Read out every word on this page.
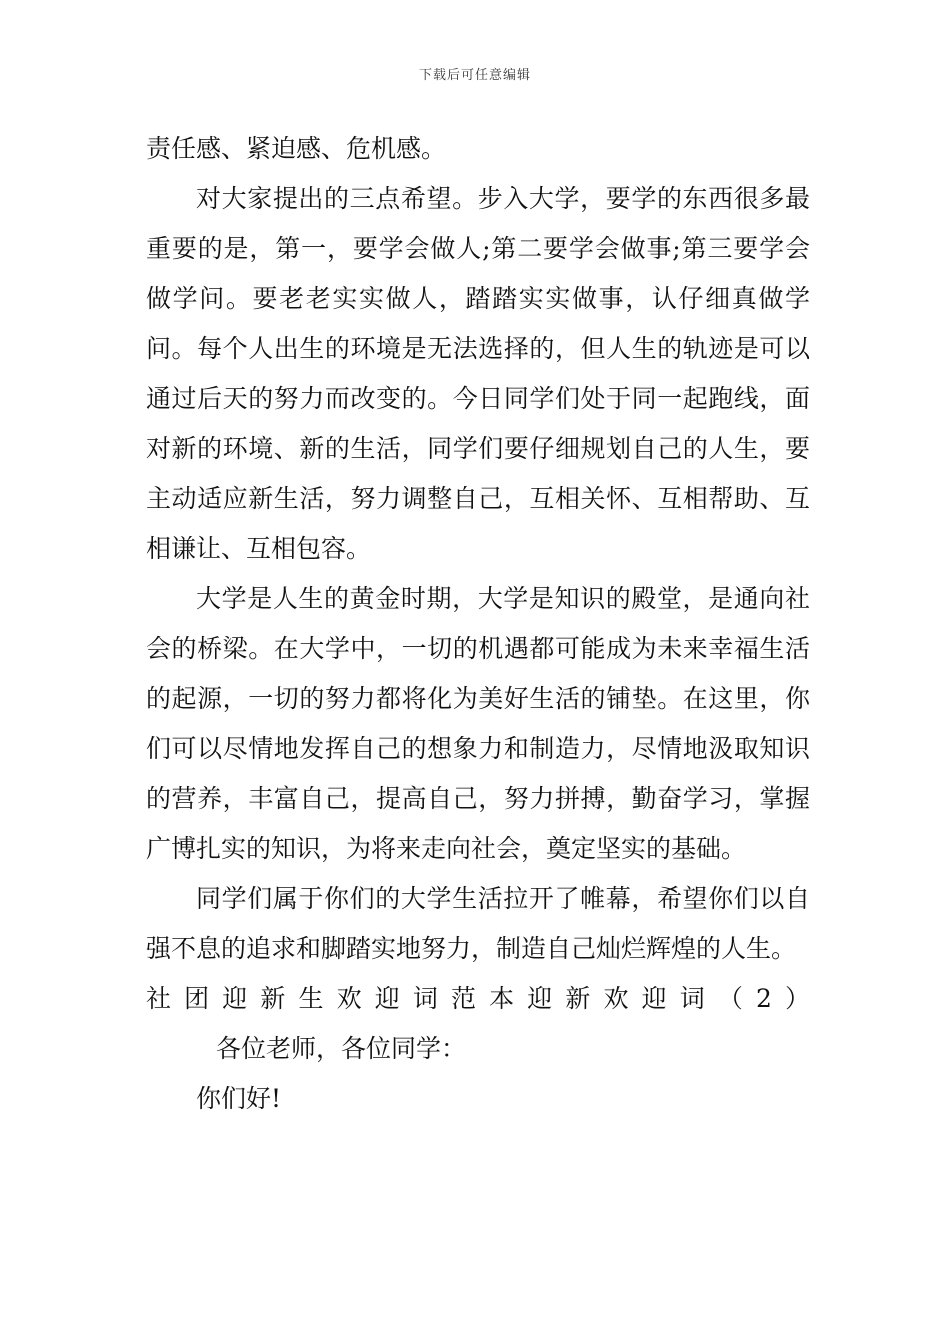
下载后可任意编辑

责任感、紧迫感、危机感。

对大家提出的三点希望。步入大学，要学的东西很多最重要的是，第一，要学会做人;第二要学会做事;第三要学会做学问。要老老实实做人，踏踏实实做事，认仔细真做学问。每个人出生的环境是无法选择的，但人生的轨迹是可以通过后天的努力而改变的。今日同学们处于同一起跑线，面对新的环境、新的生活，同学们要仔细规划自己的人生，要主动适应新生活，努力调整自己，互相关怀、互相帮助、互相谦让、互相包容。

大学是人生的黄金时期，大学是知识的殿堂，是通向社会的桥梁。在大学中，一切的机遇都可能成为未来幸福生活的起源，一切的努力都将化为美好生活的铺垫。在这里，你们可以尽情地发挥自己的想象力和制造力，尽情地汲取知识的营养，丰富自己，提高自己，努力拼搏，勤奋学习，掌握广博扎实的知识，为将来走向社会，奠定坚实的基础。

同学们属于你们的大学生活拉开了帷幕，希望你们以自强不息的追求和脚踏实地努力，制造自己灿烂辉煌的人生。

社团迎新生欢迎词范本迎新欢迎词（2）各位老师，各位同学：

你们好!
